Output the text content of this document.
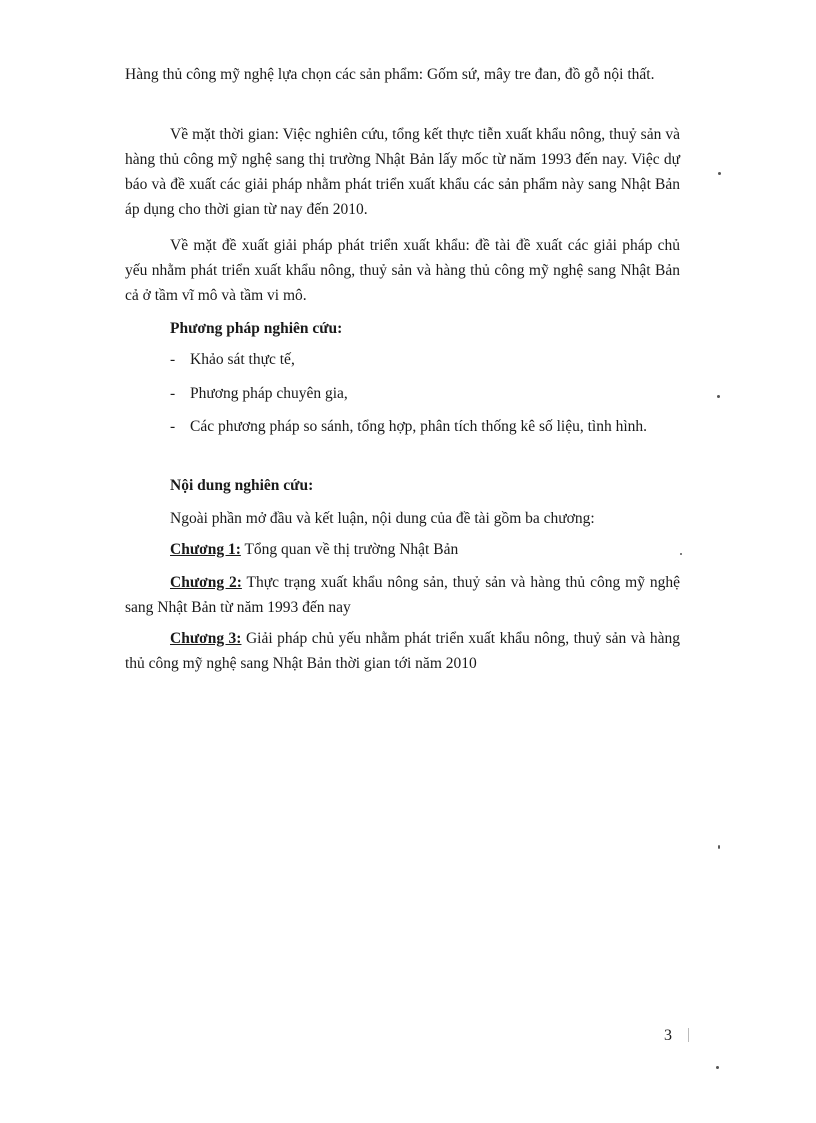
Hàng thủ công mỹ nghệ lựa chọn các sản phẩm: Gốm sứ, mây tre đan, đồ gỗ nội thất.

Về mặt thời gian: Việc nghiên cứu, tổng kết thực tiễn xuất khẩu nông, thuỷ sản và hàng thủ công mỹ nghệ sang thị trường Nhật Bản lấy mốc từ năm 1993 đến nay. Việc dự báo và đề xuất các giải pháp nhằm phát triển xuất khẩu các sản phẩm này sang Nhật Bản áp dụng cho thời gian từ nay đến 2010.

Về mặt đề xuất giải pháp phát triển xuất khẩu: đề tài đề xuất các giải pháp chủ yếu nhằm phát triển xuất khẩu nông, thuỷ sản và hàng thủ công mỹ nghệ sang Nhật Bản cả ở tầm vĩ mô và tầm vi mô.

Phương pháp nghiên cứu:

- Khảo sát thực tế,

- Phương pháp chuyên gia,

- Các phương pháp so sánh, tổng hợp, phân tích thống kê số liệu, tình hình.

Nội dung nghiên cứu:

Ngoài phần mở đầu và kết luận, nội dung của đề tài gồm ba chương:

Chương 1: Tổng quan về thị trường Nhật Bản

Chương 2: Thực trạng xuất khẩu nông sản, thuỷ sản và hàng thủ công mỹ nghệ sang Nhật Bản từ năm 1993 đến nay

Chương 3: Giải pháp chủ yếu nhằm phát triển xuất khẩu nông, thuỷ sản và hàng thủ công mỹ nghệ sang Nhật Bản thời gian tới năm 2010

3
